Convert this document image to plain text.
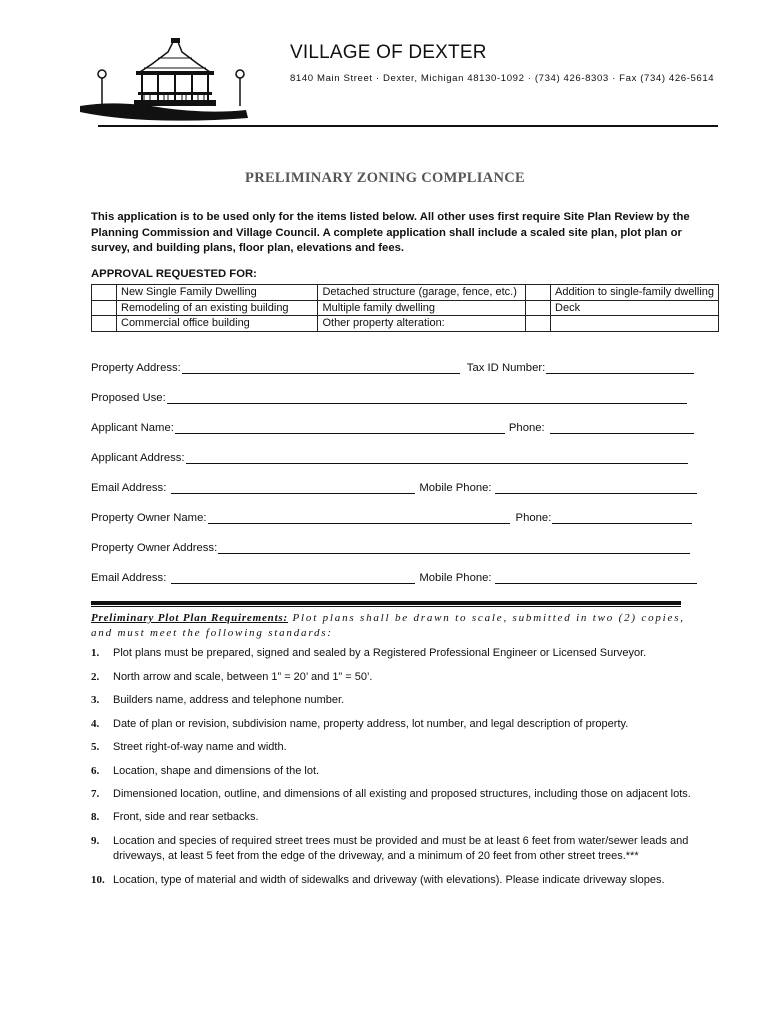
VILLAGE OF DEXTER
8140 Main Street · Dexter, Michigan 48130-1092 · (734) 426-8303 · Fax (734) 426-5614
PRELIMINARY ZONING COMPLIANCE
This application is to be used only for the items listed below. All other uses first require Site Plan Review by the Planning Commission and Village Council. A complete application shall include a scaled site plan, plot plan or survey, and building plans, floor plan, elevations and fees.
APPROVAL REQUESTED FOR:
	New Single Family Dwelling	Detached structure (garage, fence, etc.)		Addition to single-family dwelling

	Remodeling of an existing building	Multiple family dwelling		Deck

	Commercial office building	Other property alteration:	

Property Address:	Tax ID Number:
Proposed Use:
Applicant Name:	Phone:
Applicant Address:
Email Address:	Mobile Phone:
Property Owner Name:	Phone:
Property Owner Address:
Email Address:	Mobile Phone:
Preliminary Plot Plan Requirements: Plot plans shall be drawn to scale, submitted in two (2) copies, and must meet the following standards:
1.	Plot plans must be prepared, signed and sealed by a Registered Professional Engineer or Licensed Surveyor.
2.	North arrow and scale, between 1” = 20’ and 1” = 50’.
3.	Builders name, address and telephone number.
4.	Date of plan or revision, subdivision name, property address, lot number, and legal description of property.
5.	Street right-of-way name and width.
6.	Location, shape and dimensions of the lot.
7.	Dimensioned location, outline, and dimensions of all existing and proposed structures, including those on adjacent lots.
8.	Front, side and rear setbacks.
9.	Location and species of required street trees must be provided and must be at least 6 feet from water/sewer leads and driveways, at least 5 feet from the edge of the driveway, and a minimum of 20 feet from other street trees.***
10. Location, type of material and width of sidewalks and driveway (with elevations). Please indicate driveway slopes.
